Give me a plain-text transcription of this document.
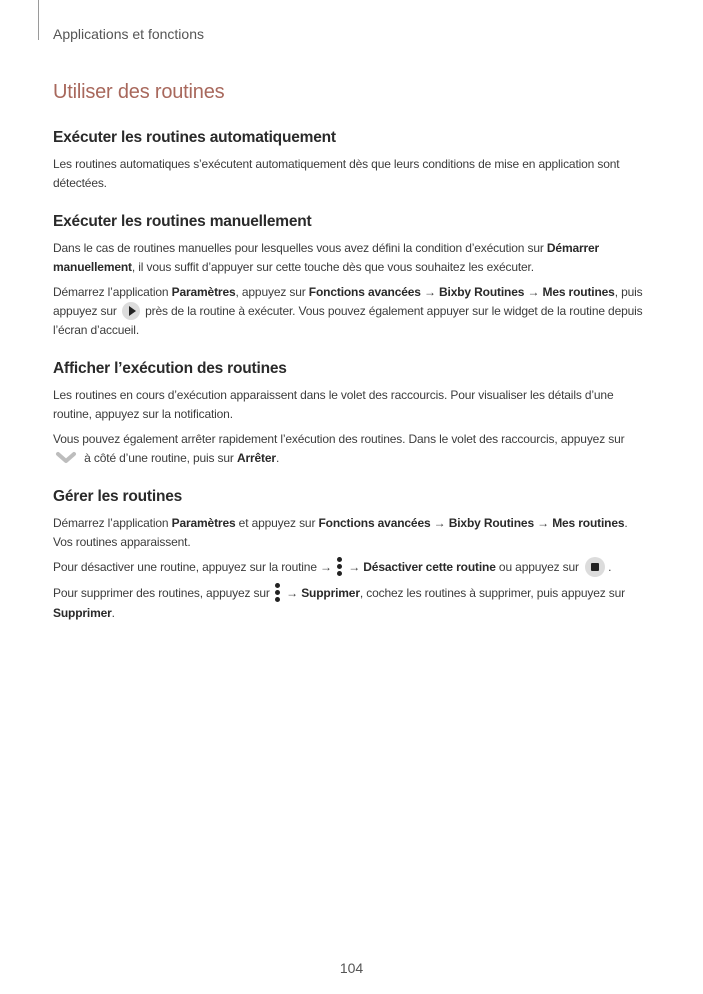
Applications et fonctions
Utiliser des routines
Exécuter les routines automatiquement

Les routines automatiques s’exécutent automatiquement dès que leurs conditions de mise en application sont détectées.

Exécuter les routines manuellement

Dans le cas de routines manuelles pour lesquelles vous avez défini la condition d’exécution sur Démarrer manuellement, il vous suffit d’appuyer sur cette touche dès que vous souhaitez les exécuter.

Démarrez l’application Paramètres, appuyez sur Fonctions avancées → Bixby Routines → Mes routines, puis appuyez sur  près de la routine à exécuter. Vous pouvez également appuyer sur le widget de la routine depuis l’écran d’accueil.

Afficher l’exécution des routines

Les routines en cours d’exécution apparaissent dans le volet des raccourcis. Pour visualiser les détails d’une routine, appuyez sur la notification.

Vous pouvez également arrêter rapidement l’exécution des routines. Dans le volet des raccourcis, appuyez sur  à côté d’une routine, puis sur Arrêter.

Gérer les routines

Démarrez l’application Paramètres et appuyez sur Fonctions avancées → Bixby Routines → Mes routines. Vos routines apparaissent.

Pour désactiver une routine, appuyez sur la routine →
→ Désactiver cette routine ou appuyez sur .

Pour supprimer des routines, appuyez sur
→ Supprimer, cochez les routines à supprimer, puis appuyez sur Supprimer.

104
